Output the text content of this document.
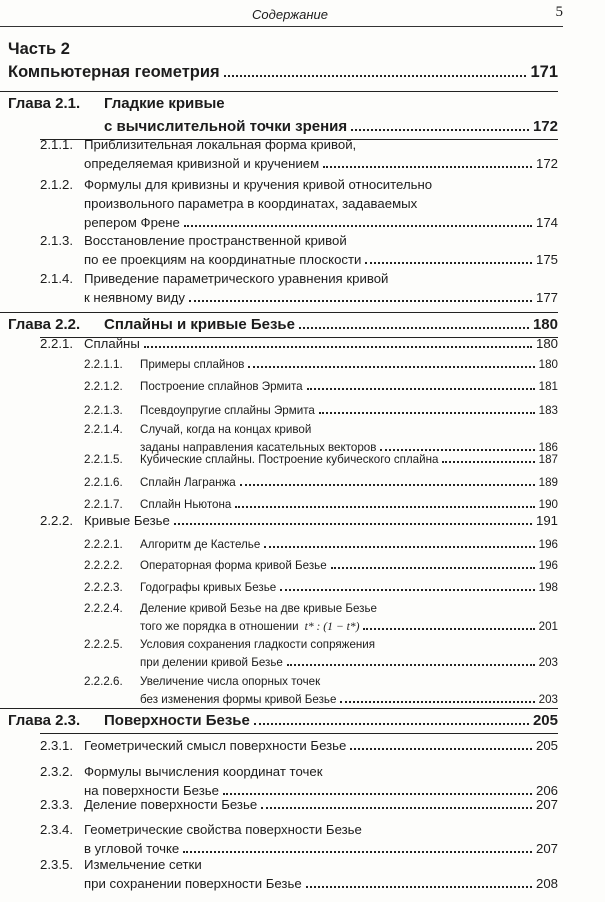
Содержание	5
Часть 2
Компьютерная геометрия	171
Глава 2.1.	Гладкие кривые
с вычислительной точки зрения	172
2.1.1. Приблизительная локальная форма кривой,
определяемая кривизной и кручением	172
2.1.2. Формулы для кривизны и кручения кривой относительно
произвольного параметра в координатах, задаваемых
репером Френе	174
2.1.3. Восстановление пространственной кривой
по ее проекциям на координатные плоскости	175
2.1.4. Приведение параметрического уравнения кривой
к неявному виду	177
Глава 2.2.	Сплайны и кривые Безье	180
2.2.1. Сплайны	180
2.2.1.1.	Примеры сплайнов	180
2.2.1.2.	Построение сплайнов Эрмита	181
2.2.1.3.	Псевдоупругие сплайны Эрмита	183
2.2.1.4.	Случай, когда на концах кривой
заданы направления касательных векторов	186
2.2.1.5.	Кубические сплайны. Построение кубического сплайна	187
2.2.1.6.	Сплайн Лагранжа	189
2.2.1.7.	Сплайн Ньютона	190
2.2.2. Кривые Безье	191
2.2.2.1.	Алгоритм де Кастелье	196
2.2.2.2.	Операторная форма кривой Безье	196
2.2.2.3.	Годографы кривых Безье	198
2.2.2.4.	Деление кривой Безье на две кривые Безье
того же порядка в отношении t* : (1 − t*)	201
2.2.2.5.	Условия сохранения гладкости сопряжения
при делении кривой Безье	203
2.2.2.6.	Увеличение числа опорных точек
без изменения формы кривой Безье	203
Глава 2.3.	Поверхности Безье	205
2.3.1. Геометрический смысл поверхности Безье	205
2.3.2. Формулы вычисления координат точек
на поверхности Безье	206
2.3.3. Деление поверхности Безье	207
2.3.4. Геометрические свойства поверхности Безье
в угловой точке	207
2.3.5. Измельчение сетки
при сохранении поверхности Безье	208
